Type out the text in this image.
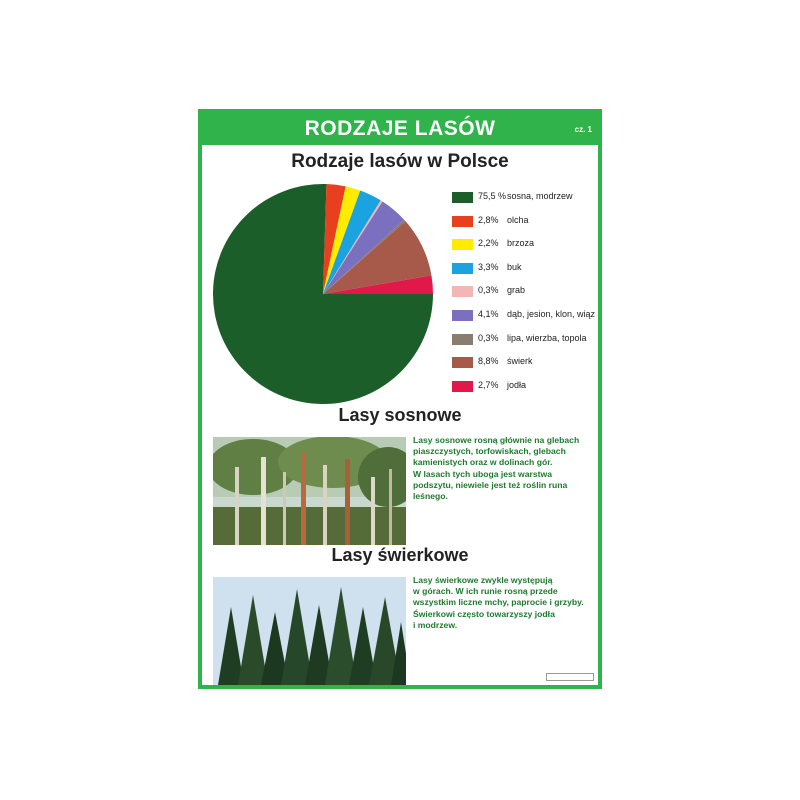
RODZAJE LASÓW	cz. 1
Rodzaje lasów w Polsce
75,5 % sosna, modrzew
2,8% olcha
2,2% brzoza
3,3% buk
0,3% grab
4,1% dąb, jesion, klon, wiąz
0,3% lipa, wierzba, topola
8,8% świerk
2,7% jodła
Lasy sosnowe
Lasy sosnowe rosną głównie na glebach
piaszczystych, torfowiskach, glebach
kamienistych oraz w dolinach gór.
W lasach tych uboga jest warstwa
podszytu, niewiele jest też roślin runa
leśnego.
Lasy świerkowe
Lasy świerkowe zwykle występują
w górach. W ich runie rosną przede
wszystkim liczne mchy, paprocie i grzyby.
Świerkowi często towarzyszy jodła
i modrzew.
